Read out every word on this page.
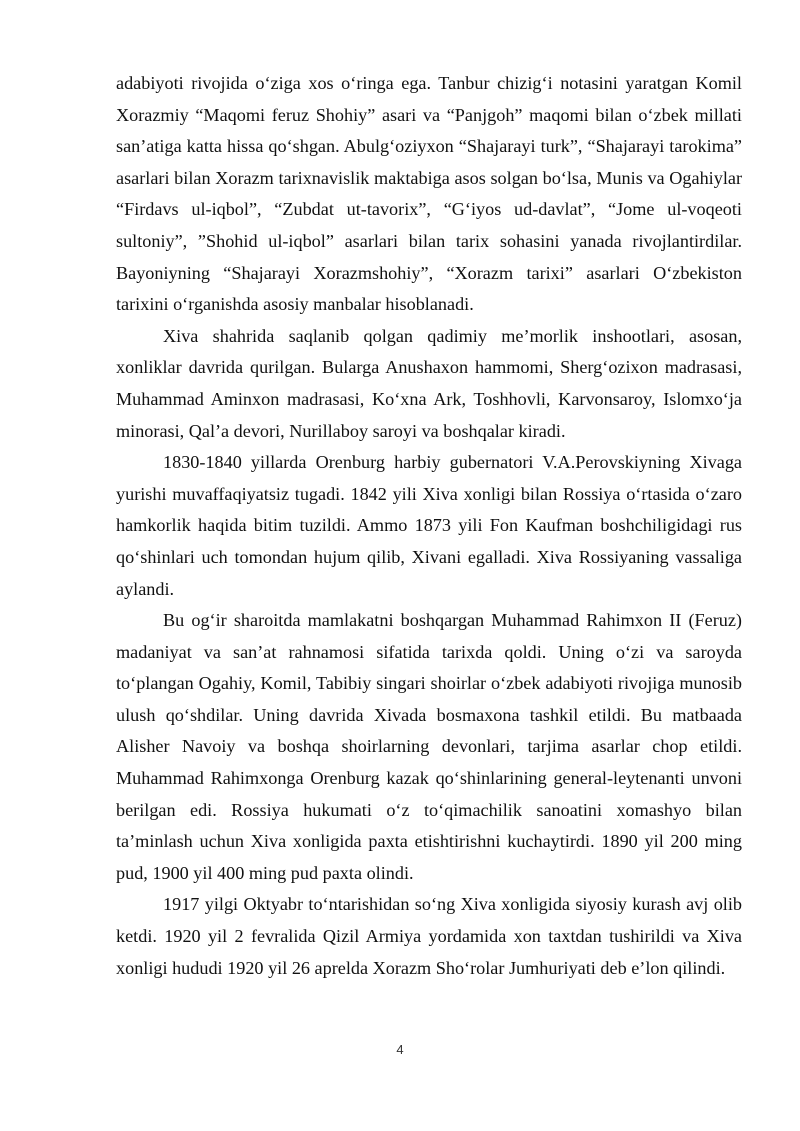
adabiyoti rivojida o‘ziga xos o‘ringa ega. Tanbur chizig‘i notasini yaratgan Komil Xorazmiy “Maqomi feruz Shohiy” asari va “Panjgoh” maqomi bilan o‘zbek millati san’atiga katta hissa qo‘shgan. Abulg‘oziyxon “Shajarayi turk”, “Shajarayi tarokima” asarlari bilan Xorazm tarixnavislik maktabiga asos solgan bo‘lsa, Munis va Ogahiylar “Firdavs ul-iqbol”, “Zubdat ut-tavorix”, “G‘iyos ud-davlat”, “Jome ul-voqeoti sultoniy”, ”Shohid ul-iqbol” asarlari bilan tarix sohasini yanada rivojlantirdilar. Bayoniyning “Shajarayi Xorazmshohiy”, “Xorazm tarixi” asarlari O‘zbekiston tarixini o‘rganishda asosiy manbalar hisoblanadi.

Xiva shahrida saqlanib qolgan qadimiy me’morlik inshootlari, asosan, xonliklar davrida qurilgan. Bularga Anushaxon hammomi, Sherg‘ozixon madrasasi, Muhammad Aminxon madrasasi, Ko‘xna Ark, Toshhovli, Karvonsaroy, Islomxo‘ja minorasi, Qal’a devori, Nurillaboy saroyi va boshqalar kiradi.

1830-1840 yillarda Orenburg harbiy gubernatori V.A.Perovskiyning Xivaga yurishi muvaffaqiyatsiz tugadi. 1842 yili Xiva xonligi bilan Rossiya o‘rtasida o‘zaro hamkorlik haqida bitim tuzildi. Ammo 1873 yili Fon Kaufman boshchiligidagi rus qo‘shinlari uch tomondan hujum qilib, Xivani egalladi. Xiva Rossiyaning vassaliga aylandi.

Bu og‘ir sharoitda mamlakatni boshqargan Muhammad Rahimxon II (Feruz) madaniyat va san’at rahnamosi sifatida tarixda qoldi. Uning o‘zi va saroyda to‘plangan Ogahiy, Komil, Tabibiy singari shoirlar o‘zbek adabiyoti rivojiga munosib ulush qo‘shdilar. Uning davrida Xivada bosmaxona tashkil etildi. Bu matbaada Alisher Navoiy va boshqa shoirlarning devonlari, tarjima asarlar chop etildi. Muhammad Rahimxonga Orenburg kazak qo‘shinlarining general-leytenanti unvoni berilgan edi. Rossiya hukumati o‘z to‘qimachilik sanoatini xomashyo bilan ta’minlash uchun Xiva xonligida paxta etishtirishni kuchaytirdi. 1890 yil 200 ming pud, 1900 yil 400 ming pud paxta olindi.

1917 yilgi Oktyabr to‘ntarishidan so‘ng Xiva xonligida siyosiy kurash avj olib ketdi. 1920 yil 2 fevralida Qizil Armiya yordamida xon taxtdan tushirildi va Xiva xonligi hududi 1920 yil 26 aprelda Xorazm Sho‘rolar Jumhuriyati deb e’lon qilindi.

4
